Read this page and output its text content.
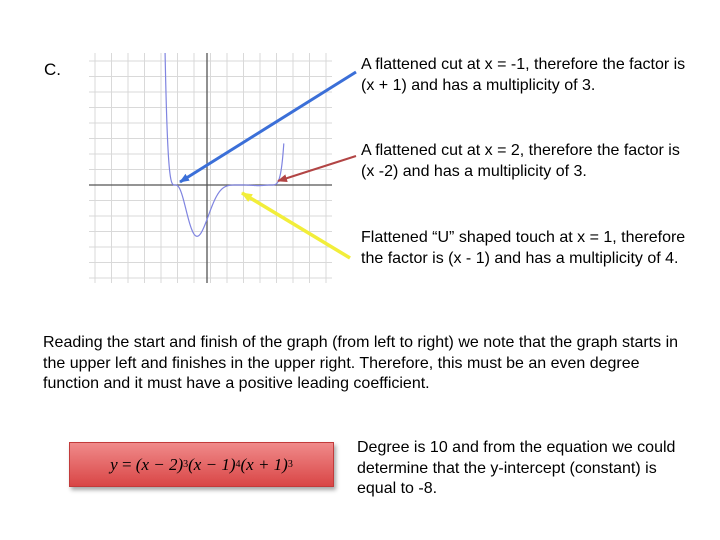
C.	A flattened cut at x = -1, therefore the factor is (x + 1) and has a multiplicity of 3.
A flattened cut at x = 2, therefore the factor is (x -2) and has a multiplicity of 3.
Flattened “U” shaped touch at x = 1, therefore the factor is (x - 1) and has a multiplicity of 4.
Reading the start and finish of the graph (from left to right) we note that the graph starts in the upper left and finishes in the upper right. Therefore, this must be an even degree function and it must have a positive leading coefficient.
y = (x − 2) 3 (x − 1) 4 (x + 1) 3
Degree is 10 and from the equation we could determine that the y-intercept (constant) is equal to -8.
